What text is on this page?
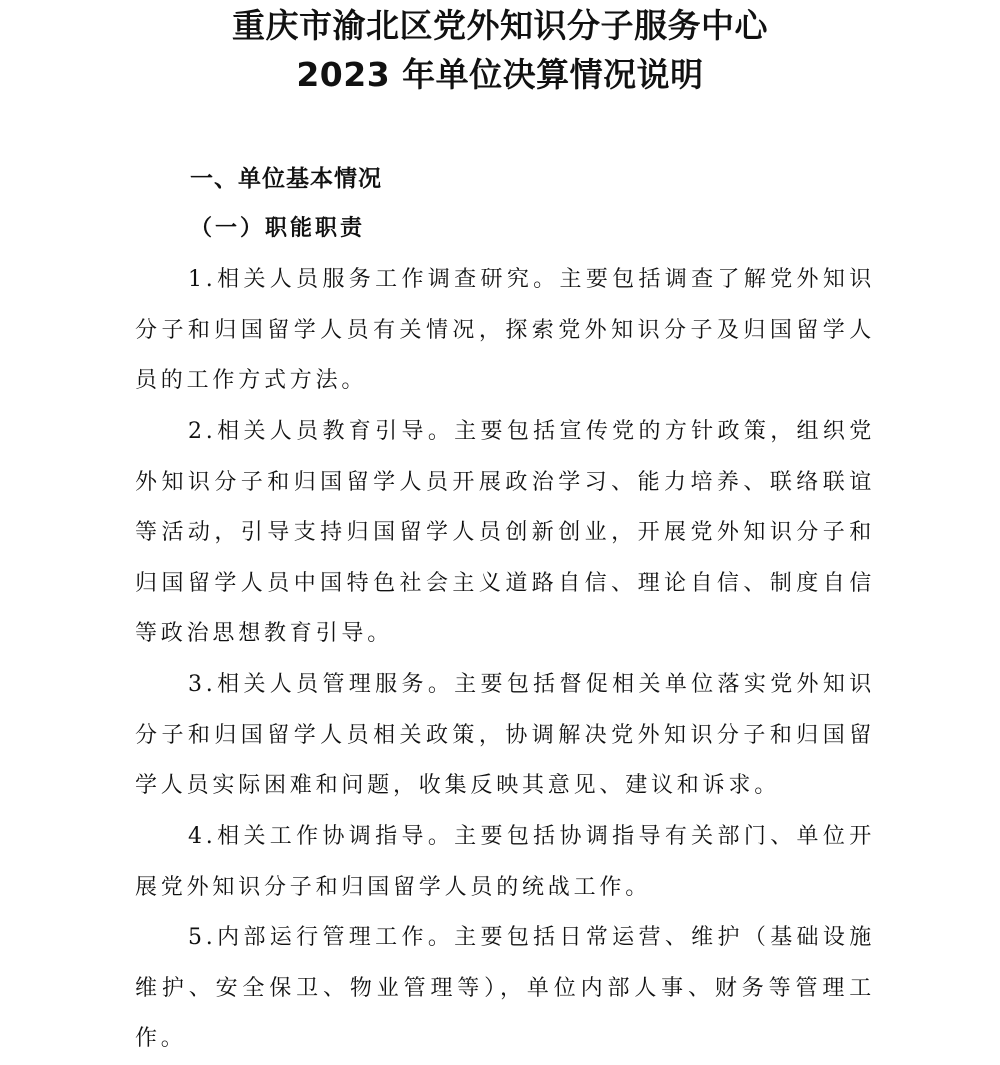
重庆市渝北区党外知识分子服务中心
2023 年单位决算情况说明
一、单位基本情况
（一）职能职责

1.相关人员服务工作调查研究。主要包括调查了解党外知识分子和归国留学人员有关情况，探索党外知识分子及归国留学人员的工作方式方法。

2.相关人员教育引导。主要包括宣传党的方针政策，组织党外知识分子和归国留学人员开展政治学习、能力培养、联络联谊等活动，引导支持归国留学人员创新创业，开展党外知识分子和归国留学人员中国特色社会主义道路自信、理论自信、制度自信等政治思想教育引导。

3.相关人员管理服务。主要包括督促相关单位落实党外知识分子和归国留学人员相关政策，协调解决党外知识分子和归国留学人员实际困难和问题，收集反映其意见、建议和诉求。

4.相关工作协调指导。主要包括协调指导有关部门、单位开展党外知识分子和归国留学人员的统战工作。

5.内部运行管理工作。主要包括日常运营、维护（基础设施维护、安全保卫、物业管理等），单位内部人事、财务等管理工作。
